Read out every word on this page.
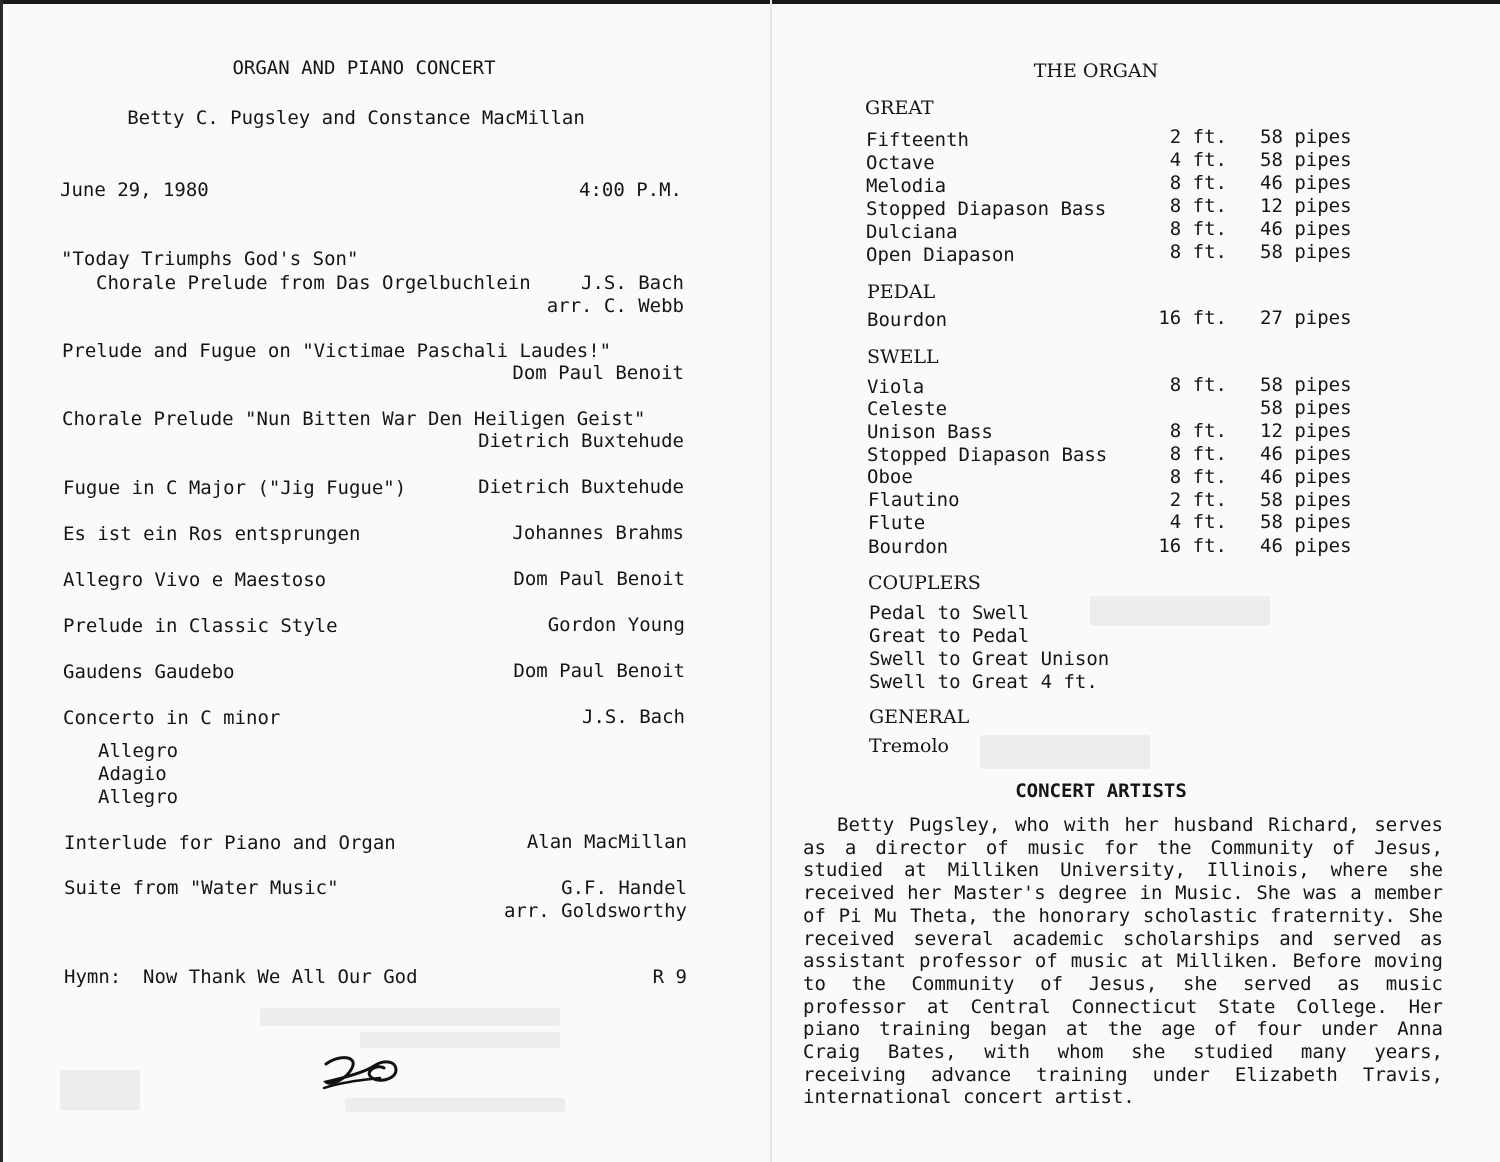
ORGAN AND PIANO CONCERT
Betty C. Pugsley and Constance MacMillan
June 29, 1980	4:00 P.M.
"Today Triumphs God's Son"
Chorale Prelude from Das Orgelbuchlein	J.S. Bach
arr. C. Webb
Prelude and Fugue on "Victimae Paschali Laudes!"
Dom Paul Benoit
Chorale Prelude "Nun Bitten War Den Heiligen Geist"
Dietrich Buxtehude
Fugue in C Major ("Jig Fugue")	Dietrich Buxtehude
Es ist ein Ros entsprungen	Johannes Brahms
Allegro Vivo e Maestoso	Dom Paul Benoit
Prelude in Classic Style	Gordon Young
Gaudens Gaudebo	Dom Paul Benoit
Concerto in C minor	J.S. Bach
Allegro
Adagio
Allegro
Interlude for Piano and Organ	Alan MacMillan
Suite from "Water Music"	G.F. Handel
arr. Goldsworthy
Hymn: Now Thank We All Our God	R 9
THE ORGAN
GREAT
Fifteenth	2 ft. 58 pipes
Octave	4 ft. 58 pipes
Melodia	8 ft. 46 pipes
Stopped Diapason Bass	8 ft. 12 pipes
Dulciana	8 ft. 46 pipes
Open Diapason	8 ft. 58 pipes
PEDAL
Bourdon	16 ft. 27 pipes
SWELL
Viola	8 ft. 58 pipes
Celeste	58 pipes
Unison Bass	8 ft. 12 pipes
Stopped Diapason Bass	8 ft. 46 pipes
Oboe	8 ft. 46 pipes
Flautino	2 ft. 58 pipes
Flute	4 ft. 58 pipes
Bourdon	16 ft. 46 pipes
COUPLERS
Pedal to Swell
Great to Pedal
Swell to Great Unison
Swell to Great 4 ft.
GENERAL
Tremolo
CONCERT ARTISTS
Betty Pugsley, who with her husband Richard, serves as a director of music for the Community of Jesus, studied at Milliken University, Illinois, where she received her Master's degree in Music. She was a member of Pi Mu Theta, the honorary scholastic fraternity. She received several academic scholarships and served as assistant professor of music at Milliken. Before moving to the Community of Jesus, she served as music professor at Central Connecticut State College. Her piano training began at the age of four under Anna Craig Bates, with whom she studied many years, receiving advance training under Elizabeth Travis, international concert artist.
